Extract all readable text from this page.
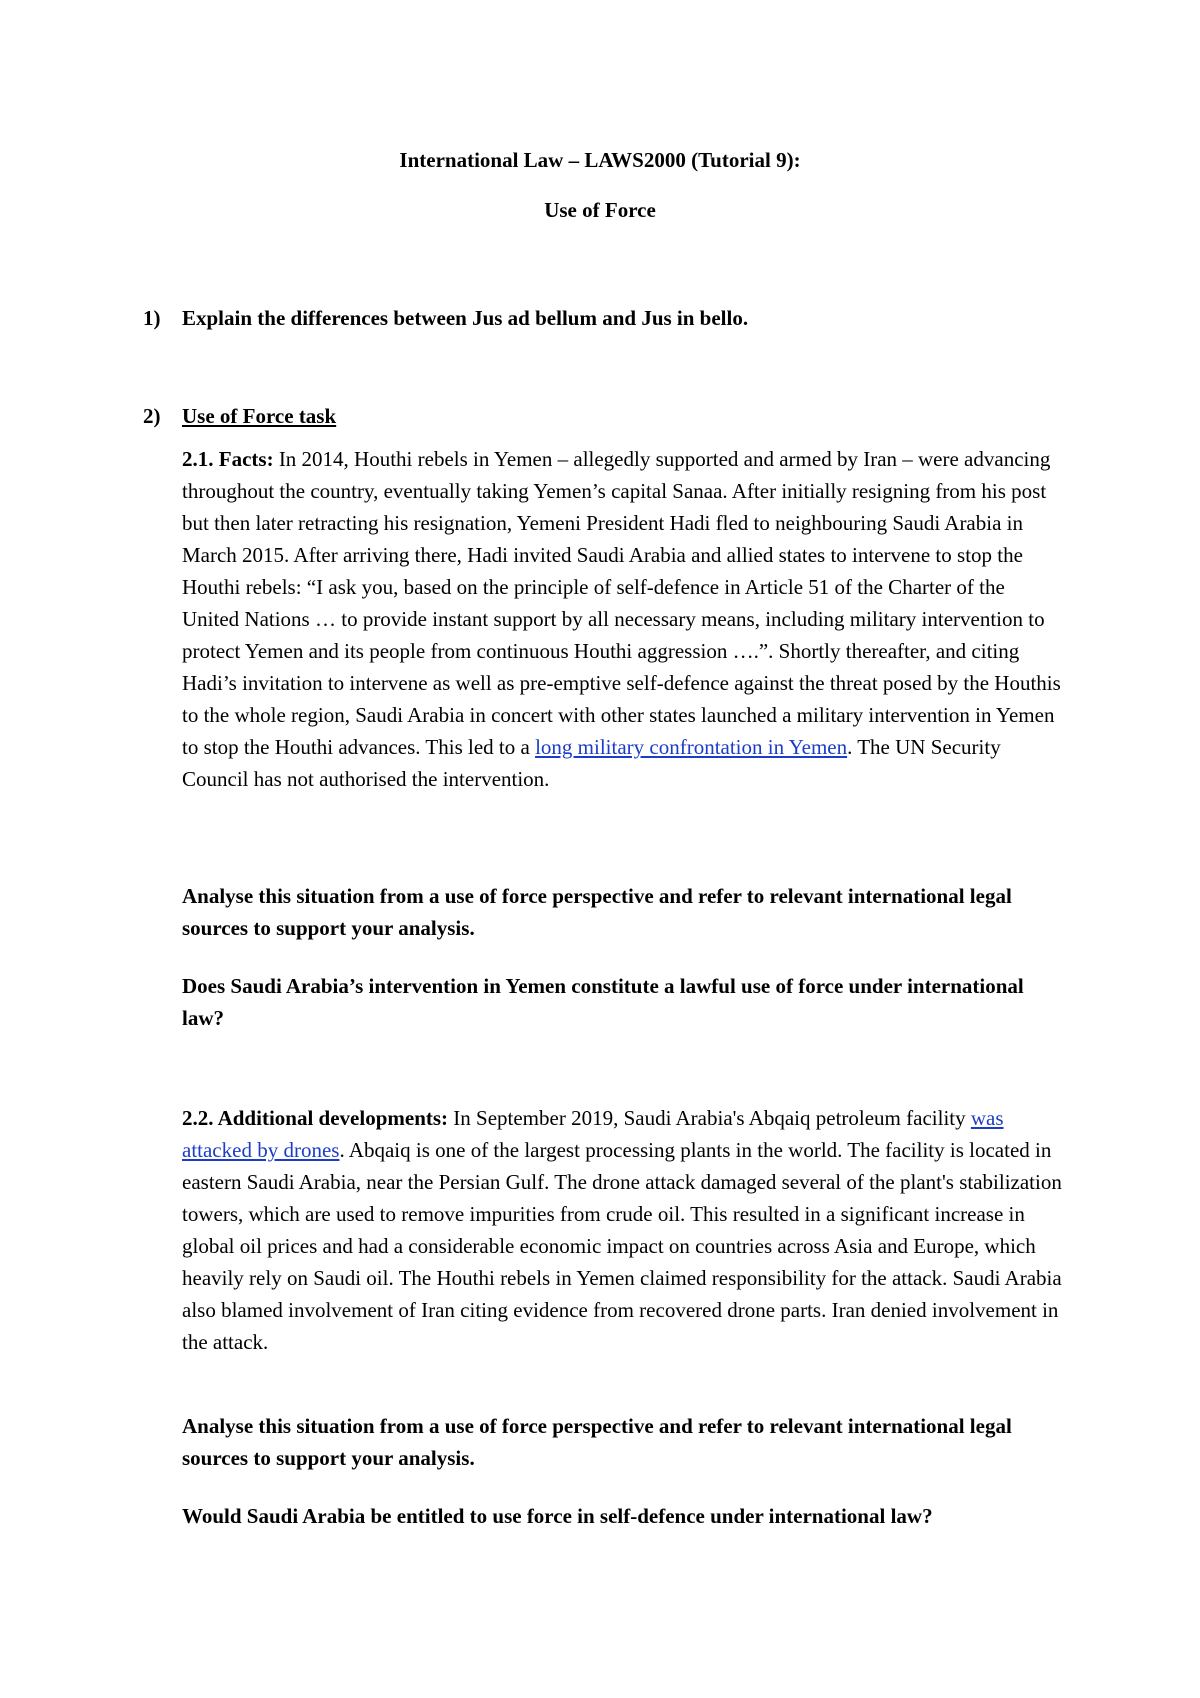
International Law – LAWS2000 (Tutorial 9):
Use of Force
1) Explain the differences between Jus ad bellum and Jus in bello.
2) Use of Force task

2.1. Facts: In 2014, Houthi rebels in Yemen – allegedly supported and armed by Iran – were advancing throughout the country, eventually taking Yemen’s capital Sanaa. After initially resigning from his post but then later retracting his resignation, Yemeni President Hadi fled to neighbouring Saudi Arabia in March 2015. After arriving there, Hadi invited Saudi Arabia and allied states to intervene to stop the Houthi rebels: “I ask you, based on the principle of self-defence in Article 51 of the Charter of the United Nations … to provide instant support by all necessary means, including military intervention to protect Yemen and its people from continuous Houthi aggression ….”. Shortly thereafter, and citing Hadi’s invitation to intervene as well as pre-emptive self-defence against the threat posed by the Houthis to the whole region, Saudi Arabia in concert with other states launched a military intervention in Yemen to stop the Houthi advances. This led to a long military confrontation in Yemen. The UN Security Council has not authorised the intervention.

Analyse this situation from a use of force perspective and refer to relevant international legal sources to support your analysis.

Does Saudi Arabia’s intervention in Yemen constitute a lawful use of force under international law?

2.2. Additional developments: In September 2019, Saudi Arabia's Abqaiq petroleum facility was attacked by drones. Abqaiq is one of the largest processing plants in the world. The facility is located in eastern Saudi Arabia, near the Persian Gulf. The drone attack damaged several of the plant's stabilization towers, which are used to remove impurities from crude oil. This resulted in a significant increase in global oil prices and had a considerable economic impact on countries across Asia and Europe, which heavily rely on Saudi oil. The Houthi rebels in Yemen claimed responsibility for the attack. Saudi Arabia also blamed involvement of Iran citing evidence from recovered drone parts. Iran denied involvement in the attack.

Analyse this situation from a use of force perspective and refer to relevant international legal sources to support your analysis.

Would Saudi Arabia be entitled to use force in self-defence under international law?
